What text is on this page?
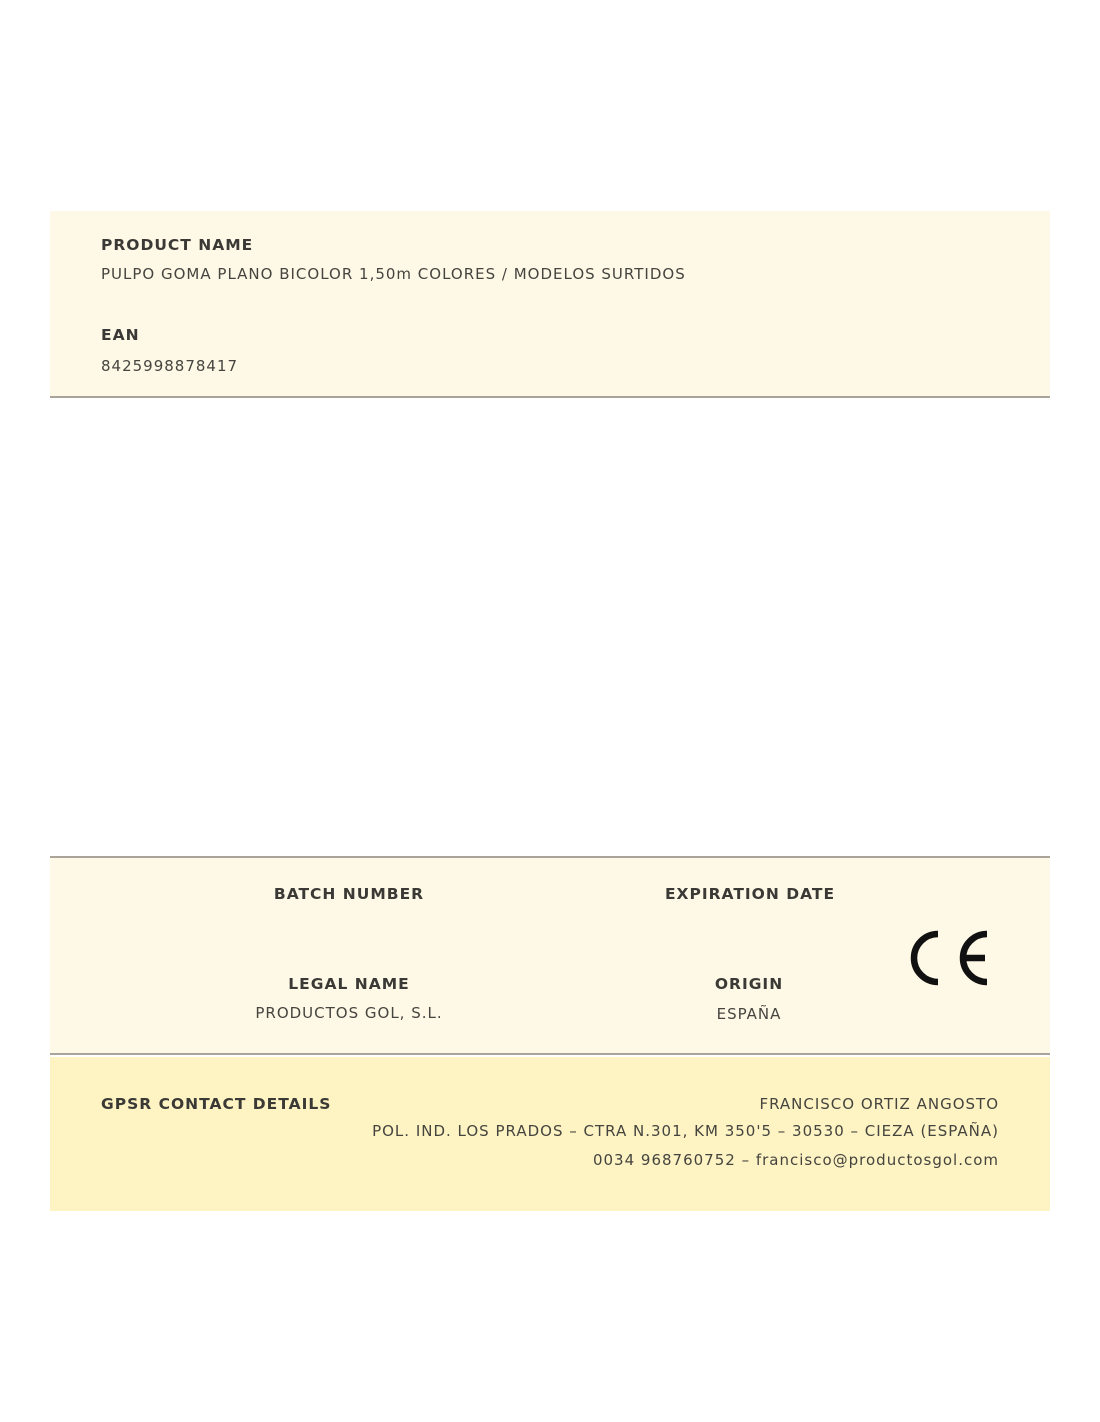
PRODUCT NAME
PULPO GOMA PLANO BICOLOR 1,50m COLORES / MODELOS SURTIDOS
EAN
8425998878417
BATCH NUMBER	EXPIRATION DATE
LEGAL NAME
PRODUCTOS GOL, S.L.
ORIGIN
ESPAÑA
GPSR CONTACT DETAILS	FRANCISCO ORTIZ ANGOSTO
POL. IND. LOS PRADOS – CTRA N.301, KM 350'5 – 30530 – CIEZA (ESPAÑA)
0034 968760752 – francisco@productosgol.com
